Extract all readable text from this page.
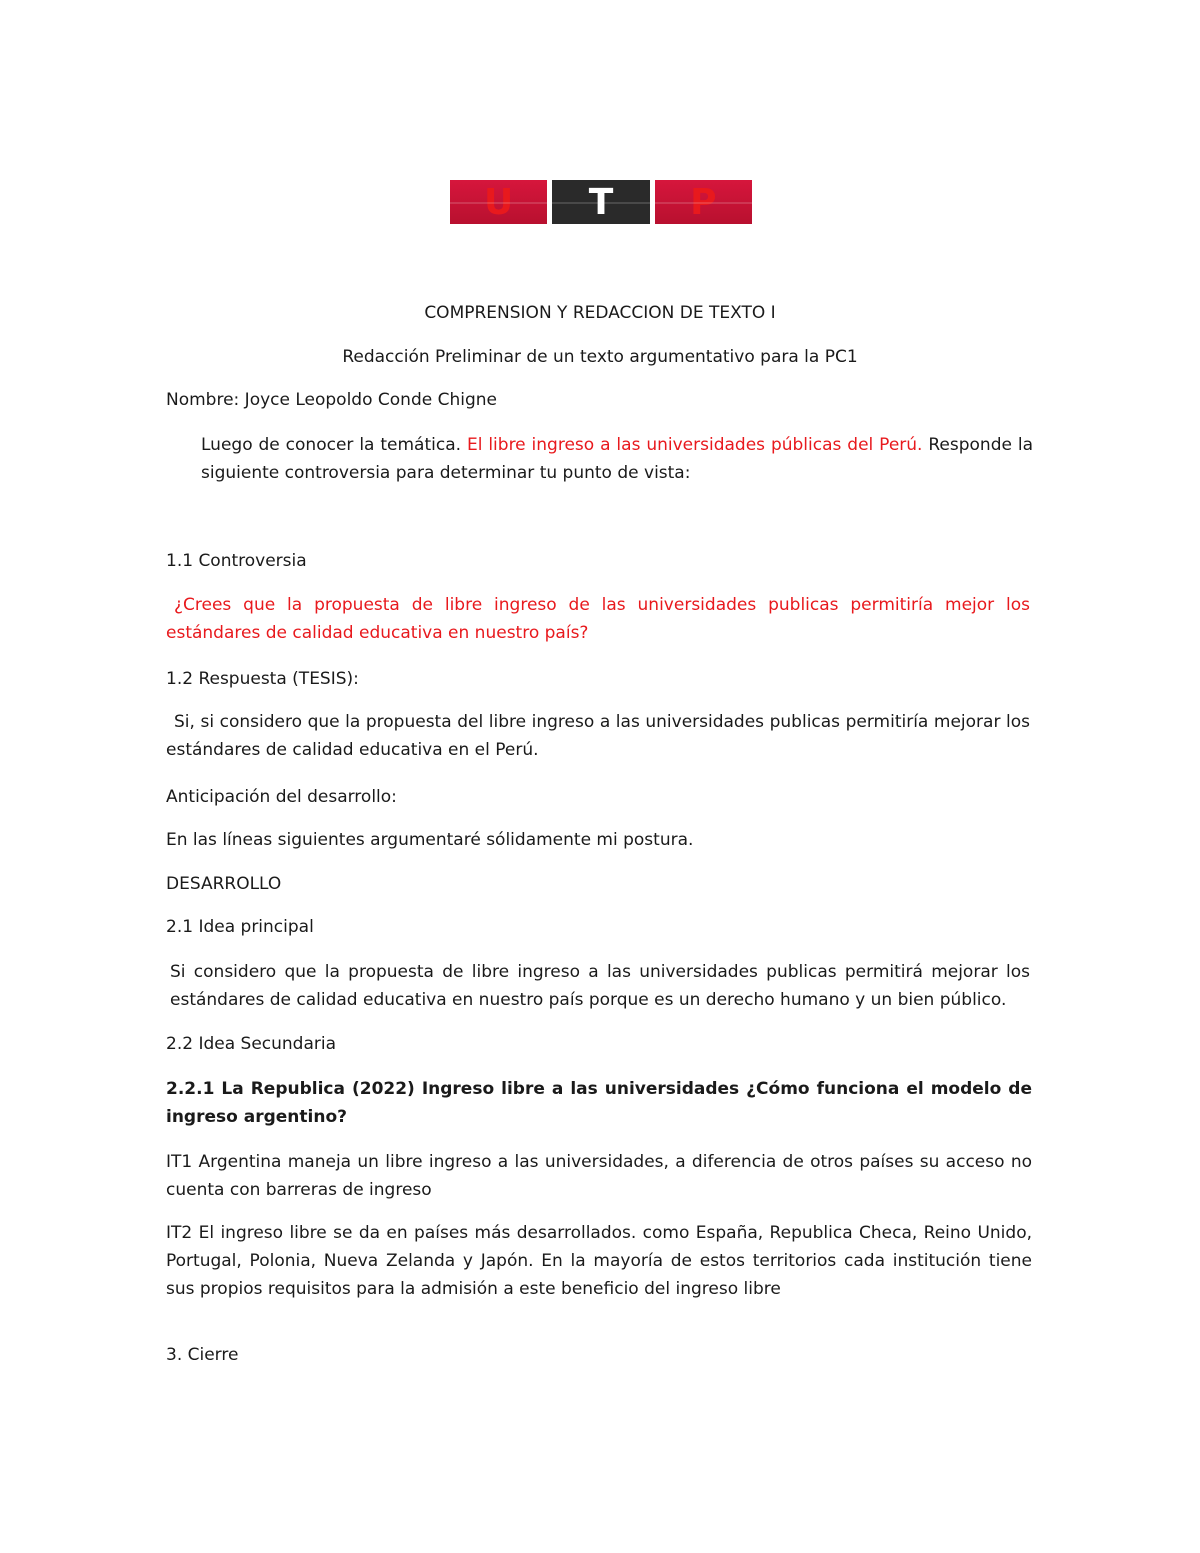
U	T	P

COMPRENSION Y REDACCION DE TEXTO I

Redacción Preliminar de un texto argumentativo para la PC1

Nombre: Joyce Leopoldo Conde Chigne

Luego de conocer la temática. El libre ingreso a las universidades públicas del Perú. Responde la siguiente controversia para determinar tu punto de vista:

1.1 Controversia

¿Crees que la propuesta de libre ingreso de las universidades publicas permitiría mejor los estándares de calidad educativa en nuestro país?

1.2 Respuesta (TESIS):

Si, si considero que la propuesta del libre ingreso a las universidades publicas permitiría mejorar los estándares de calidad educativa en el Perú.

Anticipación del desarrollo:

En las líneas siguientes argumentaré sólidamente mi postura.

DESARROLLO

2.1 Idea principal

Si considero que la propuesta de libre ingreso a las universidades publicas permitirá mejorar los estándares de calidad educativa en nuestro país porque es un derecho humano y un bien público.

2.2 Idea Secundaria

2.2.1 La Republica (2022) Ingreso libre a las universidades ¿Cómo funciona el modelo de ingreso argentino?

IT1 Argentina maneja un libre ingreso a las universidades, a diferencia de otros países su acceso no cuenta con barreras de ingreso

IT2 El ingreso libre se da en países más desarrollados. como España, Republica Checa, Reino Unido, Portugal, Polonia, Nueva Zelanda y Japón. En la mayoría de estos territorios cada institución tiene sus propios requisitos para la admisión a este beneficio del ingreso libre

3. Cierre
